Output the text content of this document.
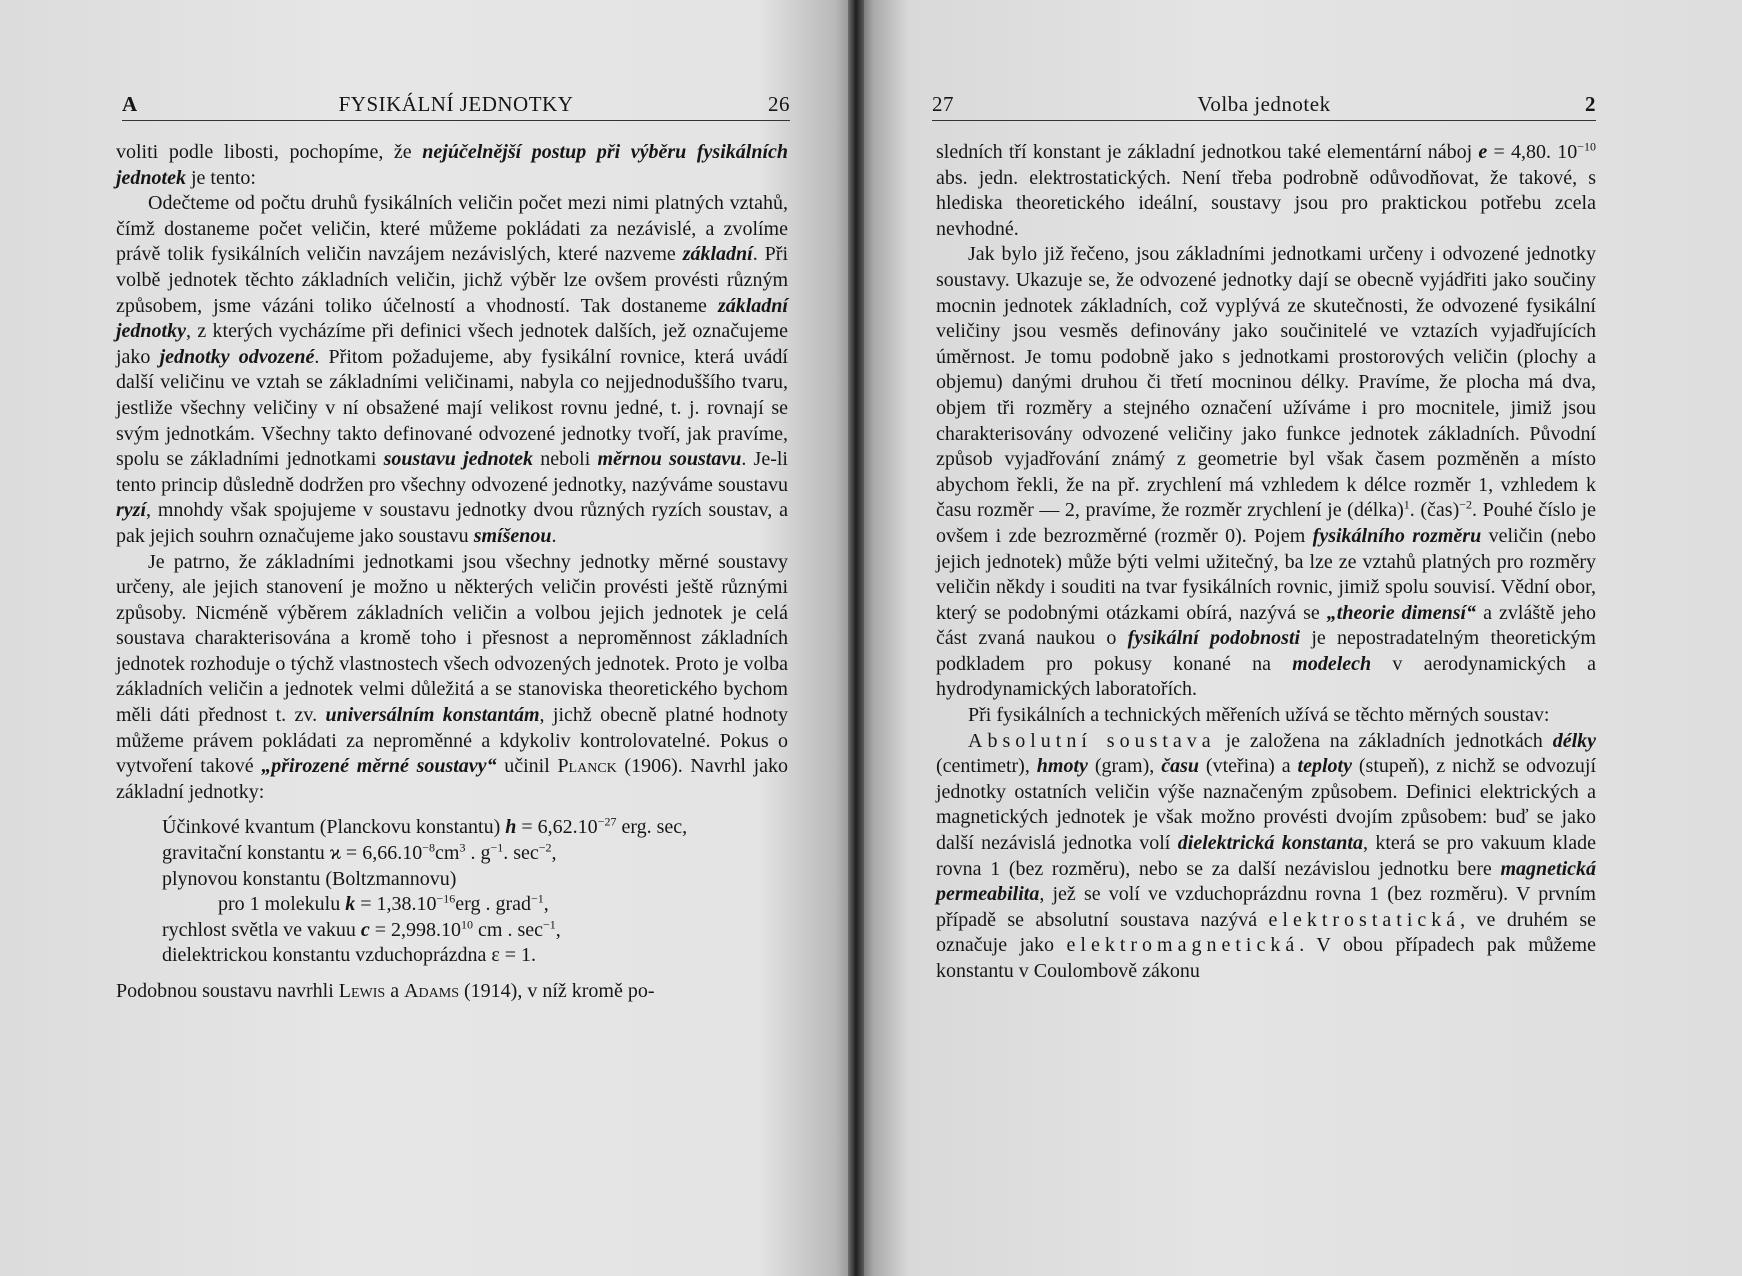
A	FYSIKÁLNÍ JEDNOTKY	26

voliti podle libosti, pochopíme, že nejúčelnější postup při výběru fysikálních jednotek je tento:

Odečteme od počtu druhů fysikálních veličin počet mezi nimi platných vztahů, čímž dostaneme počet veličin, které můžeme pokládati za nezávislé, a zvolíme právě tolik fysikálních veličin navzájem nezávislých, které nazveme základní. Při volbě jednotek těchto základních veličin, jichž výběr lze ovšem provésti různým způsobem, jsme vázáni toliko účelností a vhodností. Tak dostaneme základní jednotky, z kterých vycházíme při definici všech jednotek dalších, jež označujeme jako jednotky odvozené. Přitom požadujeme, aby fysikální rovnice, která uvádí další veličinu ve vztah se základními veličinami, nabyla co nejjednoduššího tvaru, jestliže všechny veličiny v ní obsažené mají velikost rovnu jedné, t. j. rovnají se svým jednotkám. Všechny takto definované odvozené jednotky tvoří, jak pravíme, spolu se základními jednotkami soustavu jednotek neboli měrnou soustavu. Je-li tento princip důsledně dodržen pro všechny odvozené jednotky, nazýváme soustavu ryzí, mnohdy však spojujeme v soustavu jednotky dvou různých ryzích soustav, a pak jejich souhrn označujeme jako soustavu smíšenou.

Je patrno, že základními jednotkami jsou všechny jednotky měrné soustavy určeny, ale jejich stanovení je možno u některých veličin provésti ještě různými způsoby. Nicméně výběrem základních veličin a volbou jejich jednotek je celá soustava charakterisována a kromě toho i přesnost a neproměnnost základních jednotek rozhoduje o týchž vlastnostech všech odvozených jednotek. Proto je volba základních veličin a jednotek velmi důležitá a se stanoviska theoretického bychom měli dáti přednost t. zv. universálním konstantám, jichž obecně platné hodnoty můžeme právem pokládati za neproměnné a kdykoliv kontrolovatelné. Pokus o vytvoření takové „přirozené měrné soustavy“ učinil Planck (1906). Navrhl jako základní jednotky:

Účinkové kvantum (Planckovu konstantu) $h = 6,62.10^{-27}$ erg. sec,
gravitační konstantu $ϰ = 6,66.10^{-8}cm^3$ . $g^{-1}$. $\sec^{-2}$,
plynovou konstantu (Boltzmannovu)
pro 1 molekulu $k = 1,38.10^{-16}erg$ . grad$^{-1}$,
rychlost světla ve vakuu $c = 2,998.10^{10}$ cm . $\sec^{-1}$,
dielektrickou konstantu vzduchoprázdna ε = 1.

Podobnou soustavu navrhli Lewis a Adams (1914), v níž kromě po-

27	Volba jednotek	2

sledních tří konstant je základní jednotkou také elementární náboj e = 4,80. $10^{-10}$ abs. jedn. elektrostatických. Není třeba podrobně odůvodňovat, že takové, s hlediska theoretického ideální, soustavy jsou pro praktickou potřebu zcela nevhodné.

Jak bylo již řečeno, jsou základními jednotkami určeny i odvozené jednotky soustavy. Ukazuje se, že odvozené jednotky dají se obecně vyjádřiti jako součiny mocnin jednotek základních, což vyplývá ze skutečnosti, že odvozené fysikální veličiny jsou vesměs definovány jako součinitelé ve vztazích vyjadřujících úměrnost. Je tomu podobně jako s jednotkami prostorových veličin (plochy a objemu) danými druhou či třetí mocninou délky. Pravíme, že plocha má dva, objem tři rozměry a stejného označení užíváme i pro mocnitele, jimiž jsou charakterisovány odvozené veličiny jako funkce jednotek základních. Původní způsob vyjadřování známý z geometrie byl však časem pozměněn a místo abychom řekli, že na př. zrychlení má vzhledem k délce rozměr 1, vzhledem k času rozměr — 2, pravíme, že rozměr zrychlení je (délka)$^1$. (čas)$^{-2}$. Pouhé číslo je ovšem i zde bezrozměrné (rozměr 0). Pojem fysikálního rozměru veličin (nebo jejich jednotek) může býti velmi užitečný, ba lze ze vztahů platných pro rozměry veličin někdy i souditi na tvar fysikálních rovnic, jimiž spolu souvisí. Vědní obor, který se podobnými otázkami obírá, nazývá se „theorie dimensí“ a zvláště jeho část zvaná naukou o fysikální podobnosti je nepostradatelným theoretickým podkladem pro pokusy konané na modelech v aerodynamických a hydrodynamických laboratořích.

Při fysikálních a technických měřeních užívá se těchto měrných soustav:

Absolutní soustava je založena na základních jednotkách délky (centimetr), hmoty (gram), času (vteřina) a teploty (stupeň), z nichž se odvozují jednotky ostatních veličin výše naznačeným způsobem. Definici elektrických a magnetických jednotek je však možno provésti dvojím způsobem: buď se jako další nezávislá jednotka volí dielektrická konstanta, která se pro vakuum klade rovna 1 (bez rozměru), nebo se za další nezávislou jednotku bere magnetická permeabilita, jež se volí ve vzduchoprázdnu rovna 1 (bez rozměru). V prvním případě se absolutní soustava nazývá elektrostatická, ve druhém se označuje jako elektromagnetická. V obou případech pak můžeme konstantu v Coulombově zákonu
